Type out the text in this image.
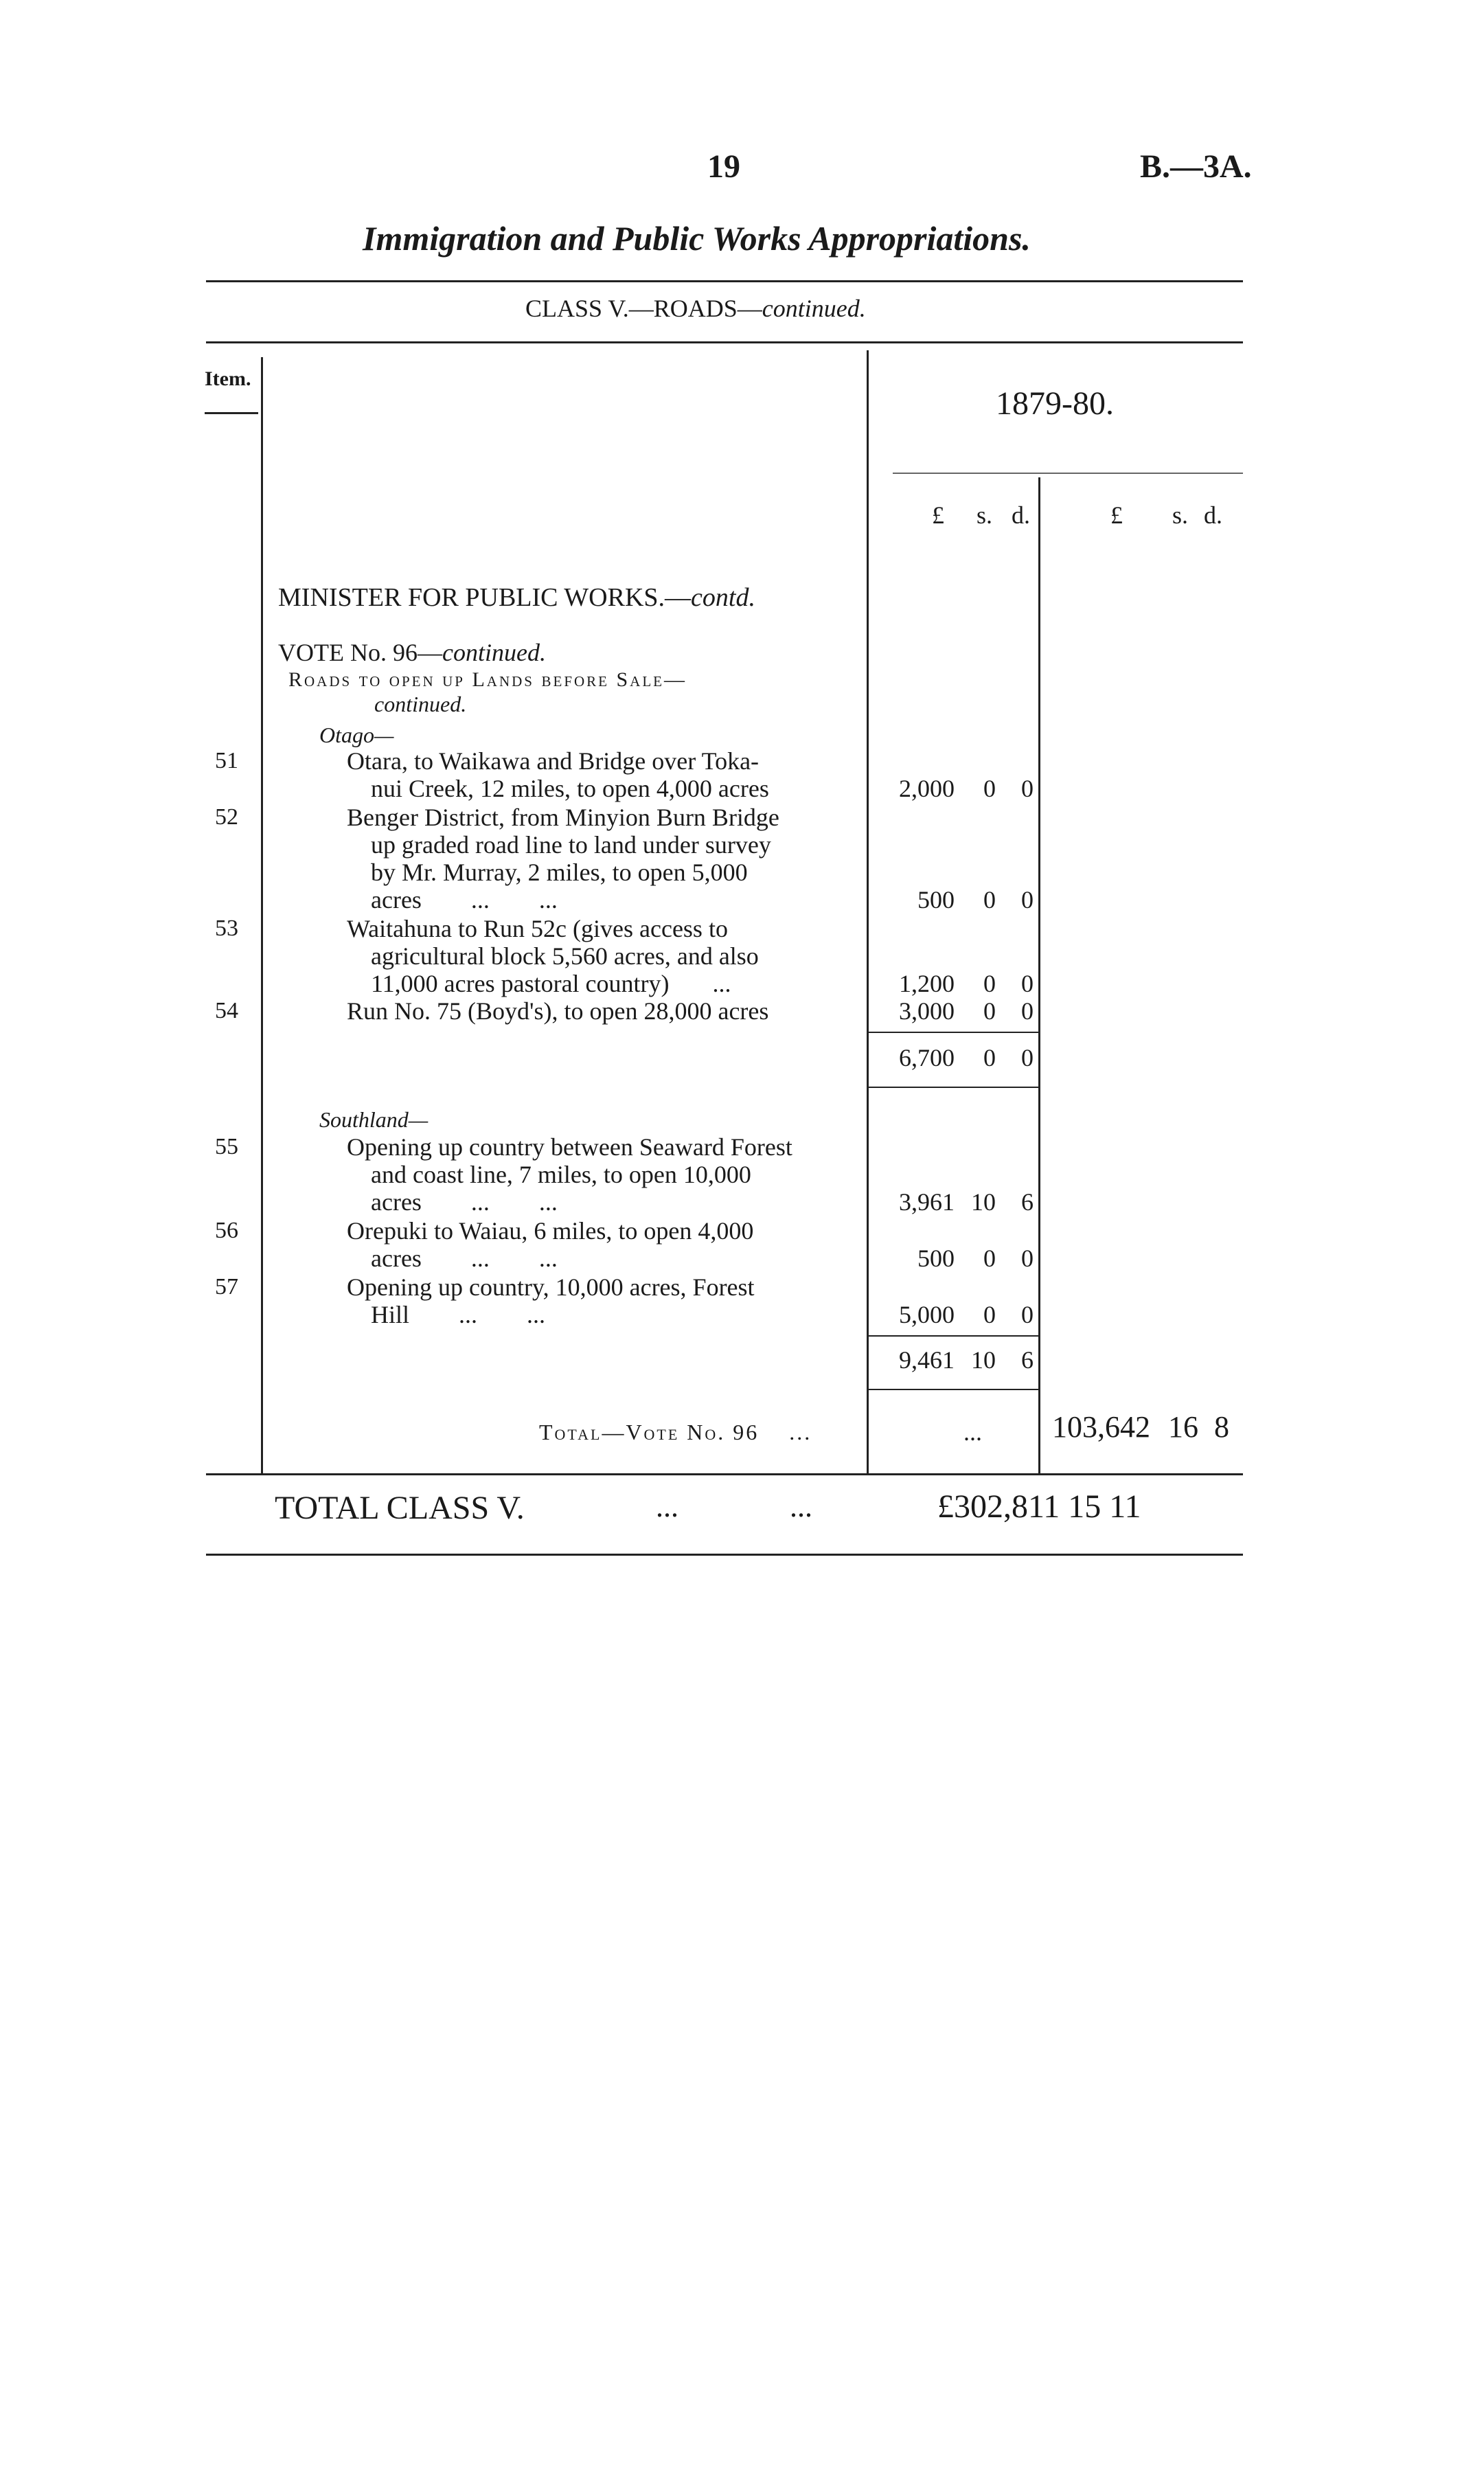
19	B.—3A.
Immigration and Public Works Appropriations.
CLASS V.—ROADS—continued.
Item.
1879-80.
£	s. d.	£	s. d.
MINISTER FOR PUBLIC WORKS.—contd.
VOTE No. 96—continued.
Roads to open up Lands before Sale—
continued.
Otago—
51	Otara, to Waikawa and Bridge over Toka-
nui Creek, 12 miles, to open 4,000 acres	2,000	0	0
52	Benger District, from Minyion Burn Bridge
up graded road line to land under survey
by Mr. Murray, 2 miles, to open 5,000
acres        ...        ...	500	0	0
53	Waitahuna to Run 52c (gives access to
agricultural block 5,560 acres, and also
11,000 acres pastoral country)       ...	1,200	0	0
54	Run No. 75 (Boyd's), to open 28,000 acres	3,000	0	0
6,700	0	0
Southland—
55	Opening up country between Seaward Forest
and coast line, 7 miles, to open 10,000
acres        ...        ...	3,961 10	6
56	Orepuki to Waiau, 6 miles, to open 4,000
acres        ...        ...	500	0	0
57	Opening up country, 10,000 acres, Forest
Hill        ...        ...	5,000	0	0
9,461 10	6
Total—Vote No. 96    ...	...	103,642 16 8
TOTAL CLASS V.	...	...	£302,811 15 11
